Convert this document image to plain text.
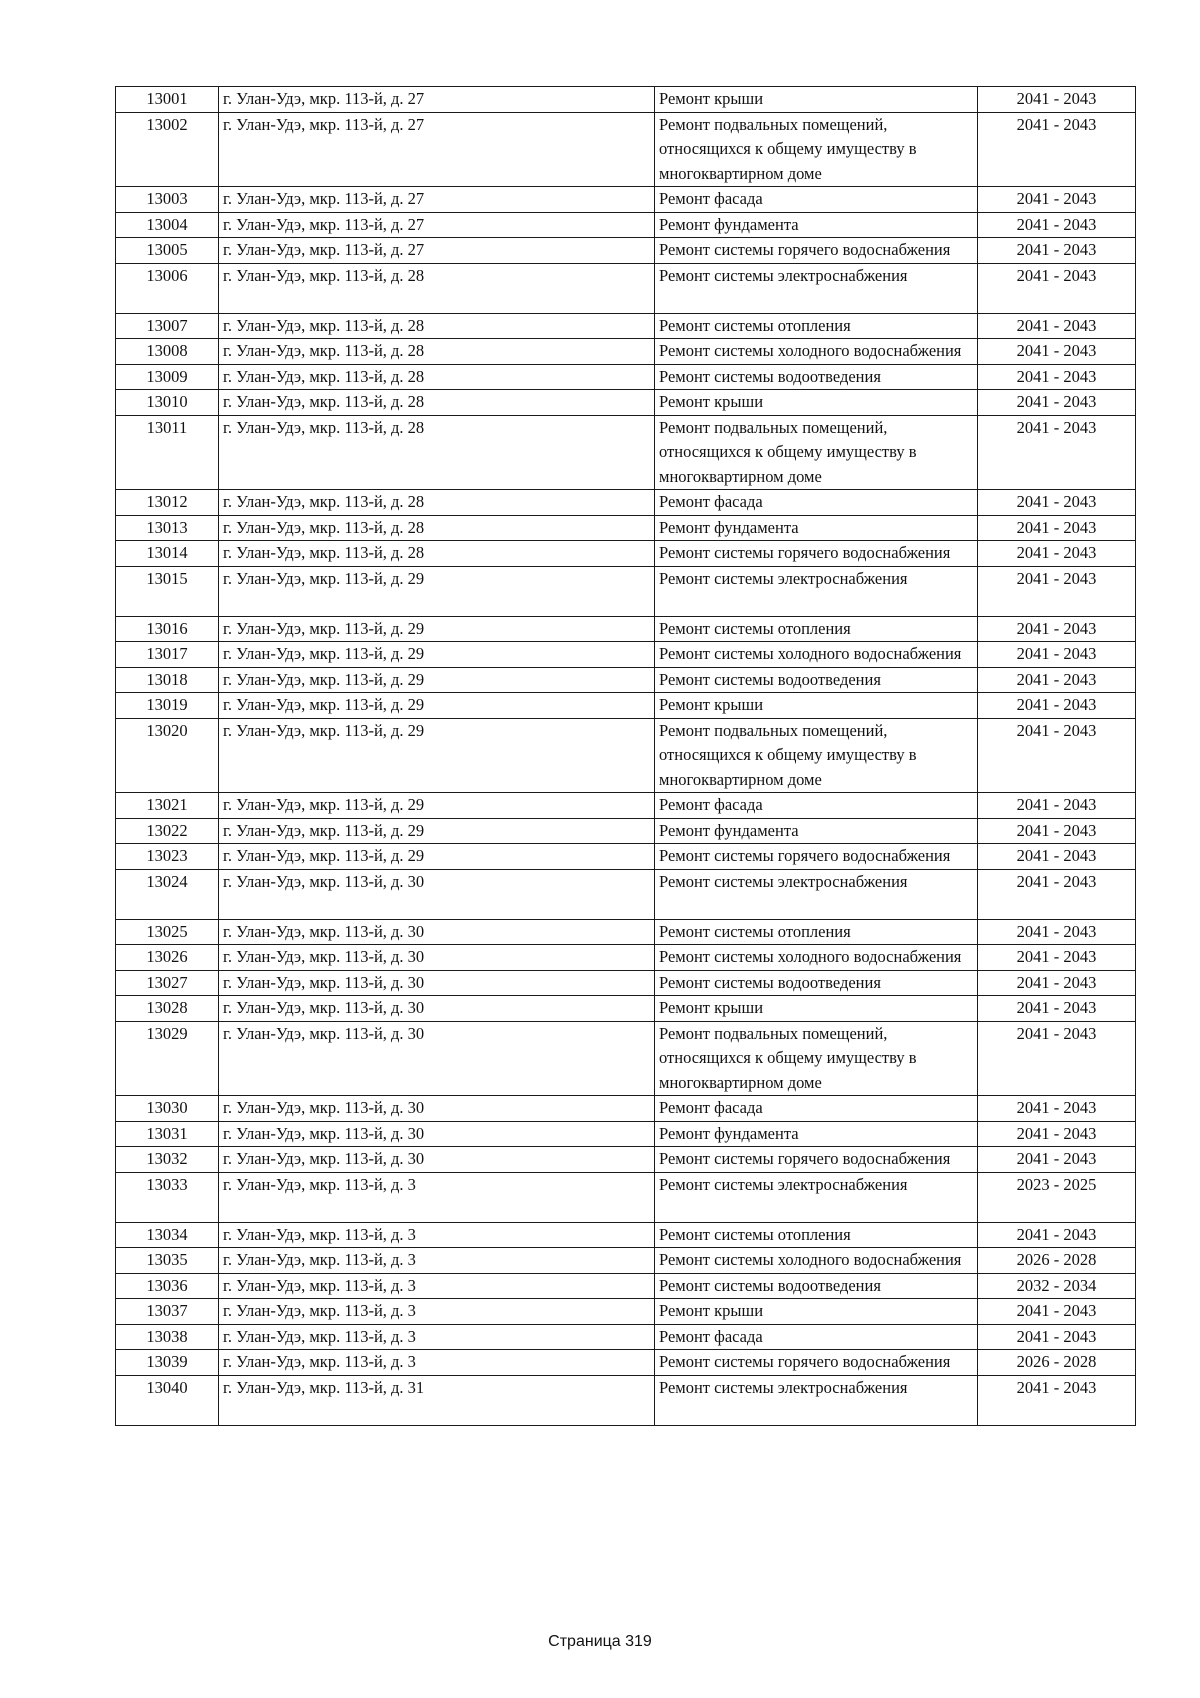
13001	г. Улан-Удэ, мкр. 113-й, д. 27	Ремонт крыши	2041 - 2043
13002	г. Улан-Удэ, мкр. 113-й, д. 27	Ремонт подвальных помещений, относящихся к общему имуществу в многоквартирном доме	2041 - 2043
13003	г. Улан-Удэ, мкр. 113-й, д. 27	Ремонт фасада	2041 - 2043
13004	г. Улан-Удэ, мкр. 113-й, д. 27	Ремонт фундамента	2041 - 2043
13005	г. Улан-Удэ, мкр. 113-й, д. 27	Ремонт системы горячего водоснабжения	2041 - 2043
13006	г. Улан-Удэ, мкр. 113-й, д. 28	Ремонт системы электроснабжения	2041 - 2043
13007	г. Улан-Удэ, мкр. 113-й, д. 28	Ремонт системы отопления	2041 - 2043
13008	г. Улан-Удэ, мкр. 113-й, д. 28	Ремонт системы холодного водоснабжения	2041 - 2043
13009	г. Улан-Удэ, мкр. 113-й, д. 28	Ремонт системы водоотведения	2041 - 2043
13010	г. Улан-Удэ, мкр. 113-й, д. 28	Ремонт крыши	2041 - 2043
13011	г. Улан-Удэ, мкр. 113-й, д. 28	Ремонт подвальных помещений, относящихся к общему имуществу в многоквартирном доме	2041 - 2043
13012	г. Улан-Удэ, мкр. 113-й, д. 28	Ремонт фасада	2041 - 2043
13013	г. Улан-Удэ, мкр. 113-й, д. 28	Ремонт фундамента	2041 - 2043
13014	г. Улан-Удэ, мкр. 113-й, д. 28	Ремонт системы горячего водоснабжения	2041 - 2043
13015	г. Улан-Удэ, мкр. 113-й, д. 29	Ремонт системы электроснабжения	2041 - 2043
13016	г. Улан-Удэ, мкр. 113-й, д. 29	Ремонт системы отопления	2041 - 2043
13017	г. Улан-Удэ, мкр. 113-й, д. 29	Ремонт системы холодного водоснабжения	2041 - 2043
13018	г. Улан-Удэ, мкр. 113-й, д. 29	Ремонт системы водоотведения	2041 - 2043
13019	г. Улан-Удэ, мкр. 113-й, д. 29	Ремонт крыши	2041 - 2043
13020	г. Улан-Удэ, мкр. 113-й, д. 29	Ремонт подвальных помещений, относящихся к общему имуществу в многоквартирном доме	2041 - 2043
13021	г. Улан-Удэ, мкр. 113-й, д. 29	Ремонт фасада	2041 - 2043
13022	г. Улан-Удэ, мкр. 113-й, д. 29	Ремонт фундамента	2041 - 2043
13023	г. Улан-Удэ, мкр. 113-й, д. 29	Ремонт системы горячего водоснабжения	2041 - 2043
13024	г. Улан-Удэ, мкр. 113-й, д. 30	Ремонт системы электроснабжения	2041 - 2043
13025	г. Улан-Удэ, мкр. 113-й, д. 30	Ремонт системы отопления	2041 - 2043
13026	г. Улан-Удэ, мкр. 113-й, д. 30	Ремонт системы холодного водоснабжения	2041 - 2043
13027	г. Улан-Удэ, мкр. 113-й, д. 30	Ремонт системы водоотведения	2041 - 2043
13028	г. Улан-Удэ, мкр. 113-й, д. 30	Ремонт крыши	2041 - 2043
13029	г. Улан-Удэ, мкр. 113-й, д. 30	Ремонт подвальных помещений, относящихся к общему имуществу в многоквартирном доме	2041 - 2043
13030	г. Улан-Удэ, мкр. 113-й, д. 30	Ремонт фасада	2041 - 2043
13031	г. Улан-Удэ, мкр. 113-й, д. 30	Ремонт фундамента	2041 - 2043
13032	г. Улан-Удэ, мкр. 113-й, д. 30	Ремонт системы горячего водоснабжения	2041 - 2043
13033	г. Улан-Удэ, мкр. 113-й, д. 3	Ремонт системы электроснабжения	2023 - 2025
13034	г. Улан-Удэ, мкр. 113-й, д. 3	Ремонт системы отопления	2041 - 2043
13035	г. Улан-Удэ, мкр. 113-й, д. 3	Ремонт системы холодного водоснабжения	2026 - 2028
13036	г. Улан-Удэ, мкр. 113-й, д. 3	Ремонт системы водоотведения	2032 - 2034
13037	г. Улан-Удэ, мкр. 113-й, д. 3	Ремонт крыши	2041 - 2043
13038	г. Улан-Удэ, мкр. 113-й, д. 3	Ремонт фасада	2041 - 2043
13039	г. Улан-Удэ, мкр. 113-й, д. 3	Ремонт системы горячего водоснабжения	2026 - 2028
13040	г. Улан-Удэ, мкр. 113-й, д. 31	Ремонт системы электроснабжения	2041 - 2043
Страница 319
